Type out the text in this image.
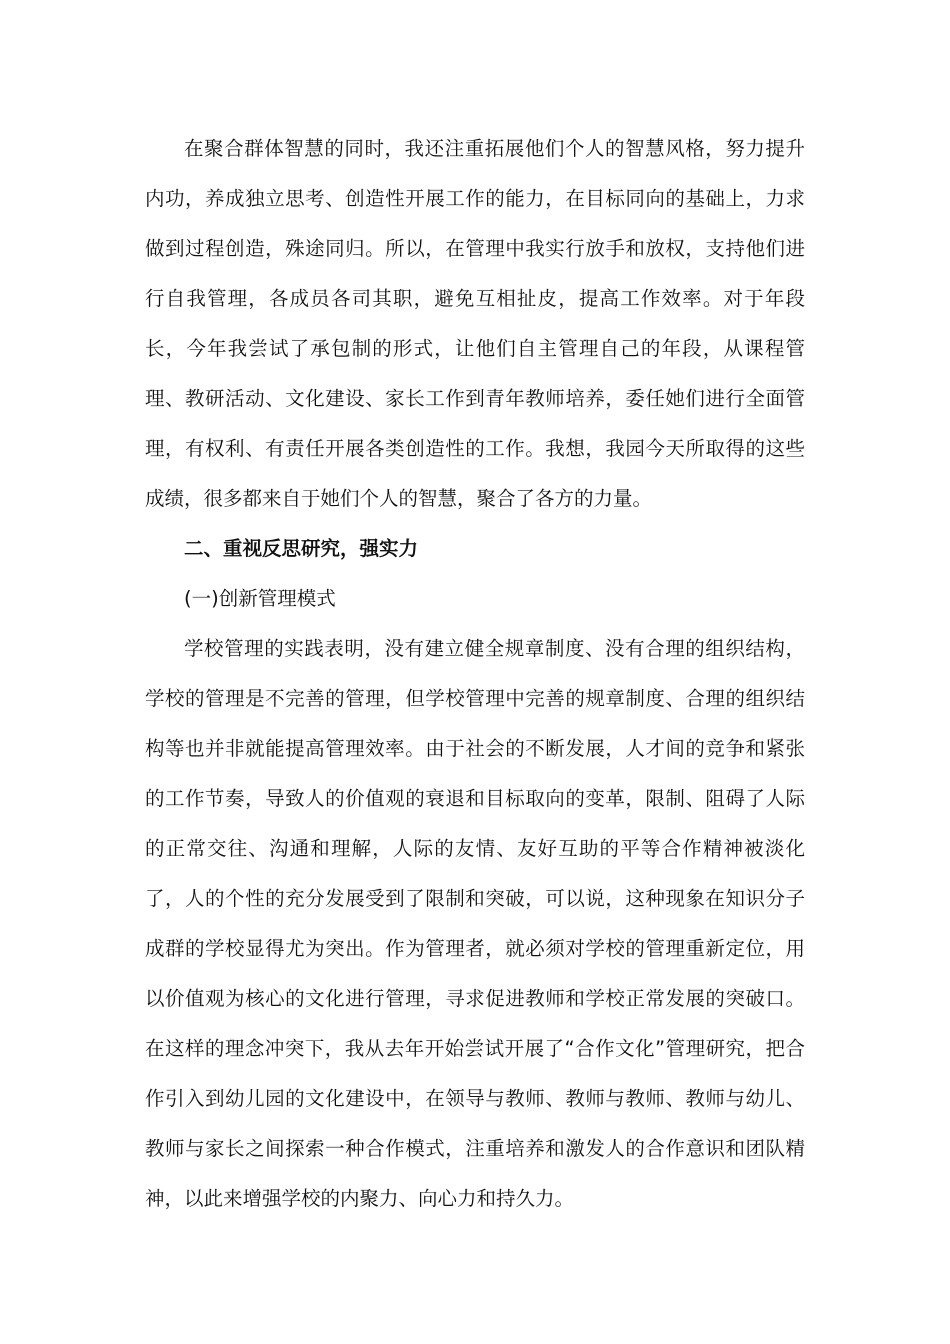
在聚合群体智慧的同时，我还注重拓展他们个人的智慧风格，努力提升内功，养成独立思考、创造性开展工作的能力，在目标同向的基础上，力求做到过程创造，殊途同归。所以，在管理中我实行放手和放权，支持他们进行自我管理，各成员各司其职，避免互相扯皮，提高工作效率。对于年段长，今年我尝试了承包制的形式，让他们自主管理自己的年段，从课程管理、教研活动、文化建设、家长工作到青年教师培养，委任她们进行全面管理，有权利、有责任开展各类创造性的工作。我想，我园今天所取得的这些成绩，很多都来自于她们个人的智慧，聚合了各方的力量。

二、重视反思研究，强实力

(一)创新管理模式

学校管理的实践表明，没有建立健全规章制度、没有合理的组织结构，学校的管理是不完善的管理，但学校管理中完善的规章制度、合理的组织结构等也并非就能提高管理效率。由于社会的不断发展，人才间的竞争和紧张的工作节奏，导致人的价值观的衰退和目标取向的变革，限制、阻碍了人际的正常交往、沟通和理解，人际的友情、友好互助的平等合作精神被淡化了，人的个性的充分发展受到了限制和突破，可以说，这种现象在知识分子成群的学校显得尤为突出。作为管理者，就必须对学校的管理重新定位，用以价值观为核心的文化进行管理，寻求促进教师和学校正常发展的突破口。在这样的理念冲突下，我从去年开始尝试开展了“合作文化”管理研究，把合作引入到幼儿园的文化建设中，在领导与教师、教师与教师、教师与幼儿、教师与家长之间探索一种合作模式，注重培养和激发人的合作意识和团队精神，以此来增强学校的内聚力、向心力和持久力。
